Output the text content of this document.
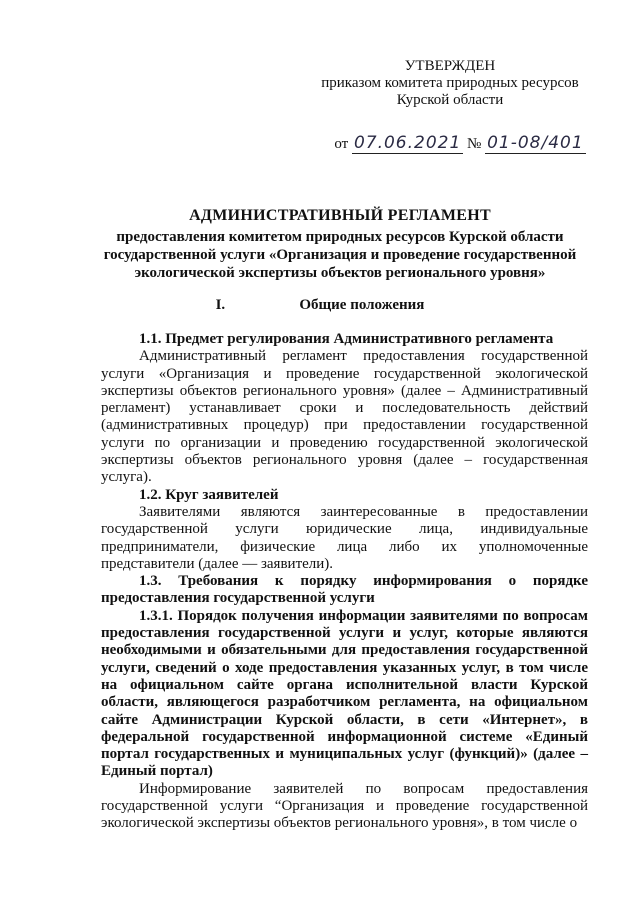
УТВЕРЖДЕН
приказом комитета природных ресурсов
Курской области
от 07.06.2021 № 01-08/401
АДМИНИСТРАТИВНЫЙ РЕГЛАМЕНТ
предоставления комитетом природных ресурсов Курской области государственной услуги «Организация и проведение государственной экологической экспертизы объектов регионального уровня»
I.	Общие положения

1.1. Предмет регулирования Административного регламента

Административный регламент предоставления государственной услуги «Организация и проведение государственной экологической экспертизы объектов регионального уровня» (далее – Административный регламент) устанавливает сроки и последовательность действий (административных процедур) при предоставлении государственной услуги по организации и проведению государственной экологической экспертизы объектов регионального уровня (далее – государственная услуга).

1.2. Круг заявителей

Заявителями являются заинтересованные в предоставлении государственной услуги юридические лица, индивидуальные предприниматели, физические лица либо их уполномоченные представители (далее — заявители).

1.3. Требования к порядку информирования о порядке предоставления государственной услуги

1.3.1. Порядок получения информации заявителями по вопросам предоставления государственной услуги и услуг, которые являются необходимыми и обязательными для предоставления государственной услуги, сведений о ходе предоставления указанных услуг, в том числе на официальном сайте органа исполнительной власти Курской области, являющегося разработчиком регламента, на официальном сайте Администрации Курской области, в сети «Интернет», в федеральной государственной информационной системе «Единый портал государственных и муниципальных услуг (функций)» (далее – Единый портал)

Информирование заявителей по вопросам предоставления государственной услуги “Организация и проведение государственной экологической экспертизы объектов регионального уровня», в том числе о
